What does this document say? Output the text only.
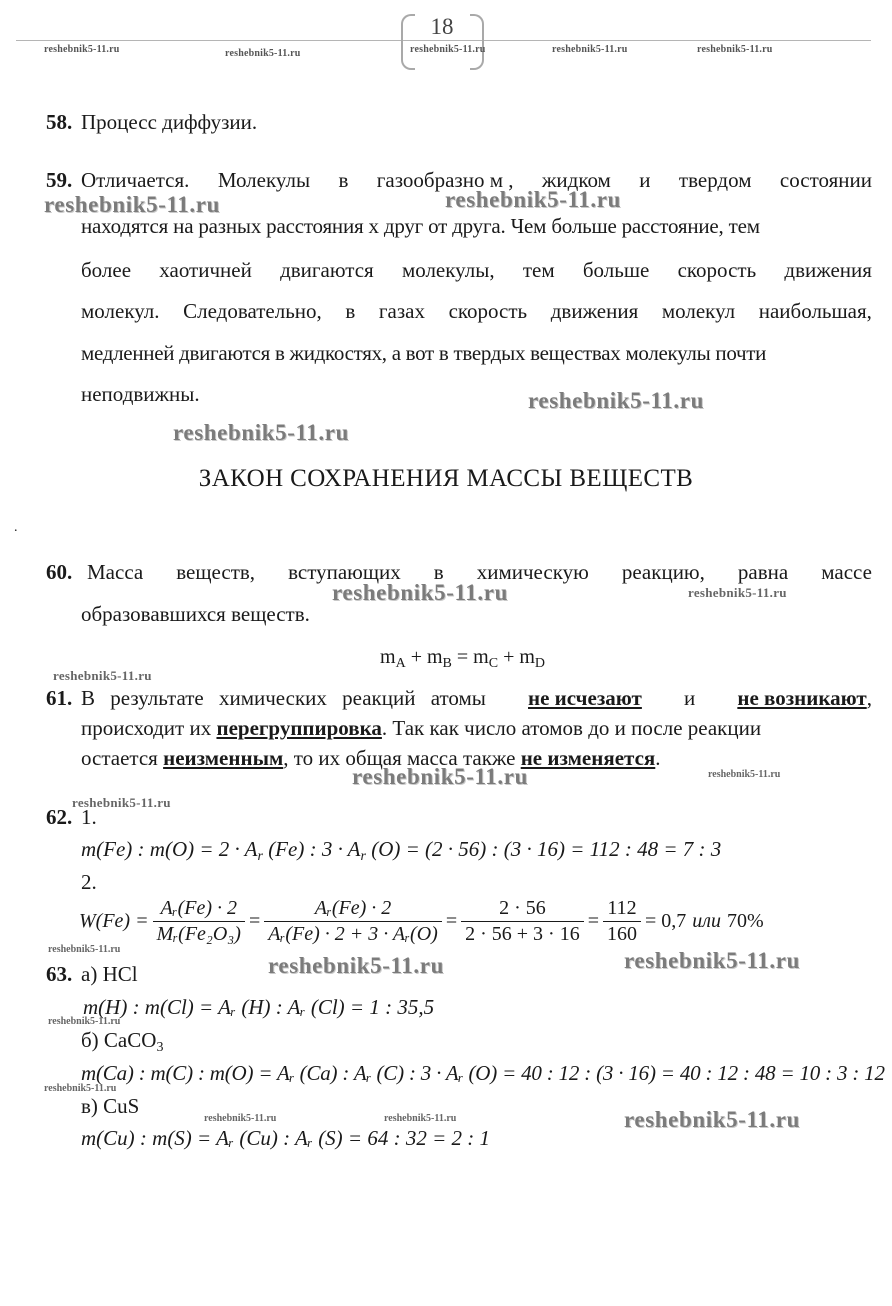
18
reshebnik5-11.ru	reshebnik5-11.ru	reshebnik5-11.ru	reshebnik5-11.ru	reshebnik5-11.ru
58. Процесс диффузии.
59. Отличается. Молекулы в газообразно м , жидком и твердом состоянии
находятся на разных расстояния х друг от друга. Чем больше расстояние, тем
более хаотичней двигаются молекулы, тем больше скорость движения
молекул. Следовательно, в газах скорость движения молекул наибольшая,
медленней двигаются в жидкостях, а вот в твердых веществах молекулы почти
неподвижны.
reshebnik5-11.ru	reshebnik5-11.ru
reshebnik5-11.ru
reshebnik5-11.ru
ЗАКОН СОХРАНЕНИЯ МАССЫ ВЕЩЕСТВ
.
60. Масса веществ, вступающих в химическую реакцию, равна массе
образовавшихся веществ.
reshebnik5-11.ru	reshebnik5-11.ru
$m_A + m_B = m_C + m_D$
reshebnik5-11.ru
61. В результате химических реакций атомы не исчезают и не возникают,
происходит их перегруппировка. Так как число атомов до и после реакции
остается неизменным, то их общая масса также не изменяется.
reshebnik5-11.ru	reshebnik5-11.ru
reshebnik5-11.ru
62. 1.
m(Fe) : $m(O) = 2 \cdot A_r$ (Fe) : $3 \cdot A_r$ (O) = (2 · 56) : (3 · 16) = 112 : 48 = 7 : 3
2.
$W(Fe) = \frac{\text{Aᵣ(Fe) · 2}}{\text{Mᵣ(Fe₂O₃)}} = \frac{\text{Aᵣ(Fe) · 2}}{\text{Aᵣ(Fe) · 2 + 3 · Aᵣ(O)}} = \frac{2 \cdot 56}{2 \cdot 56 + 3 \cdot 16} = \frac{112}{160} = 0,7$ или 70%
reshebnik5-11.ru
reshebnik5-11.ru	reshebnik5-11.ru
63. а) HCl
m(H) : m(Cl) = Aᵣ (H) : Aᵣ (Cl) = 1 : 35,5
reshebnik5-11.ru
б) CaCO$_3$
m(Ca) : m(C) : m(O) = Aᵣ (Ca) : Aᵣ (C) : 3 · Aᵣ (O) = 40 : 12 : (3 · 16) = 40 : 12 : 48 = 10 : 3 : 12
reshebnik5-11.ru
в) CuS
reshebnik5-11.ru	reshebnik5-11.ru	reshebnik5-11.ru
m(Cu) : m(S) = Aᵣ (Cu) : Aᵣ (S) = 64 : 32 = 2 : 1
